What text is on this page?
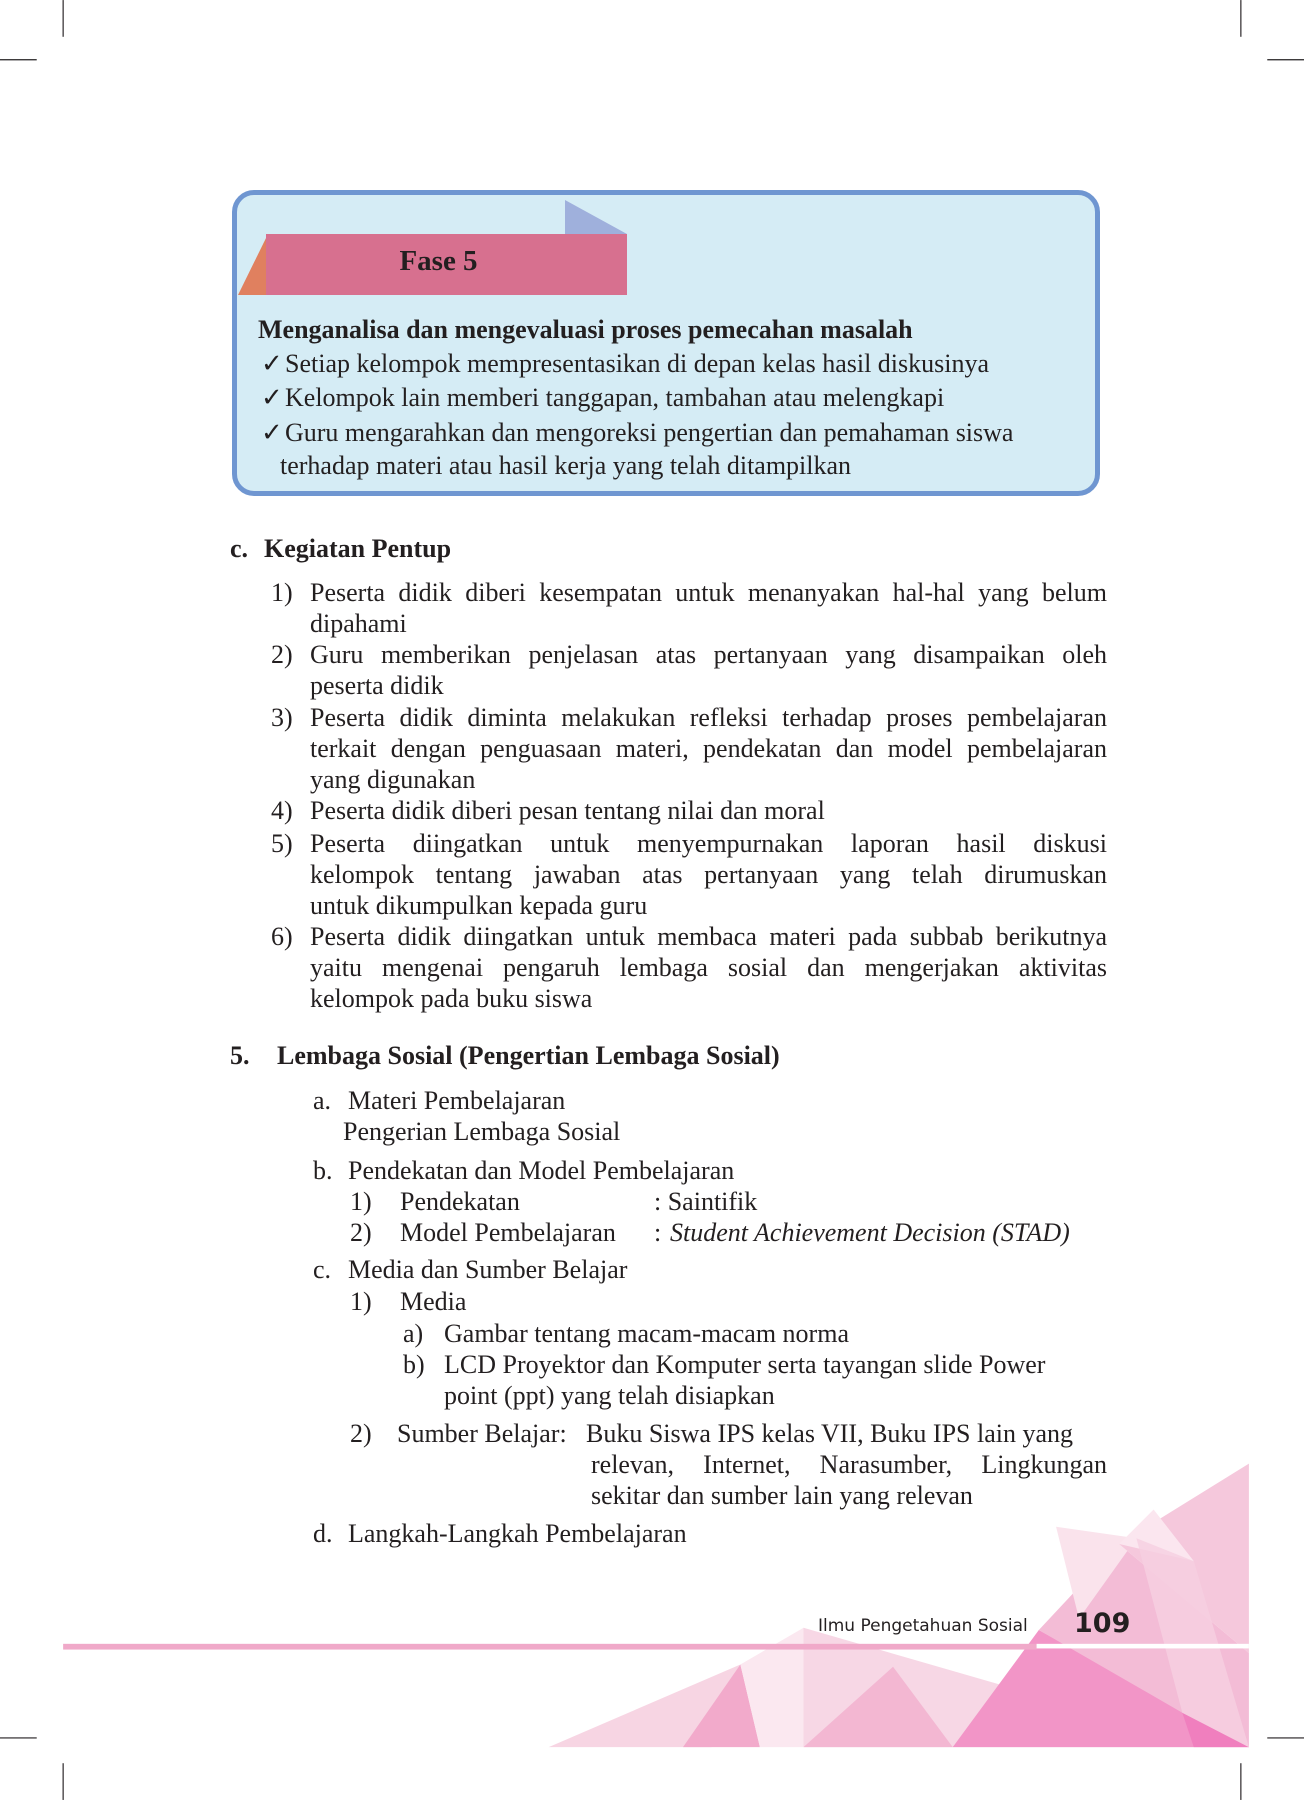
Fase 5
Menganalisa dan mengevaluasi proses pemecahan masalah
✓ Setiap kelompok mempresentasikan di depan kelas hasil diskusinya
✓ Kelompok lain memberi tanggapan, tambahan atau melengkapi
✓ Guru mengarahkan dan mengoreksi pengertian dan pemahaman siswa
terhadap materi atau hasil kerja yang telah ditampilkan
c. Kegiatan Pentup
1) Peserta didik diberi kesempatan untuk menanyakan hal-hal yang belum
dipahami
2) Guru memberikan penjelasan atas pertanyaan yang disampaikan oleh
peserta didik
3) Peserta didik diminta melakukan refleksi terhadap proses pembelajaran
terkait dengan penguasaan materi, pendekatan dan model pembelajaran
yang digunakan
4) Peserta didik diberi pesan tentang nilai dan moral
5) Peserta diingatkan untuk menyempurnakan laporan hasil diskusi
kelompok tentang jawaban atas pertanyaan yang telah dirumuskan
untuk dikumpulkan kepada guru
6) Peserta didik diingatkan untuk membaca materi pada subbab berikutnya
yaitu mengenai pengaruh lembaga sosial dan mengerjakan aktivitas
kelompok pada buku siswa
5. Lembaga Sosial (Pengertian Lembaga Sosial)
a. Materi Pembelajaran
Pengerian Lembaga Sosial
b. Pendekatan dan Model Pembelajaran
1) Pendekatan	: Saintifik
2) Model Pembelajaran : Student Achievement Decision (STAD)
c. Media dan Sumber Belajar
1) Media
a) Gambar tentang macam-macam norma
b) LCD Proyektor dan Komputer serta tayangan slide Power
point (ppt) yang telah disiapkan
2) Sumber Belajar: Buku Siswa IPS kelas VII, Buku IPS lain yang
relevan, Internet, Narasumber, Lingkungan
sekitar dan sumber lain yang relevan
d. Langkah-Langkah Pembelajaran
Ilmu Pengetahuan Sosial 109
